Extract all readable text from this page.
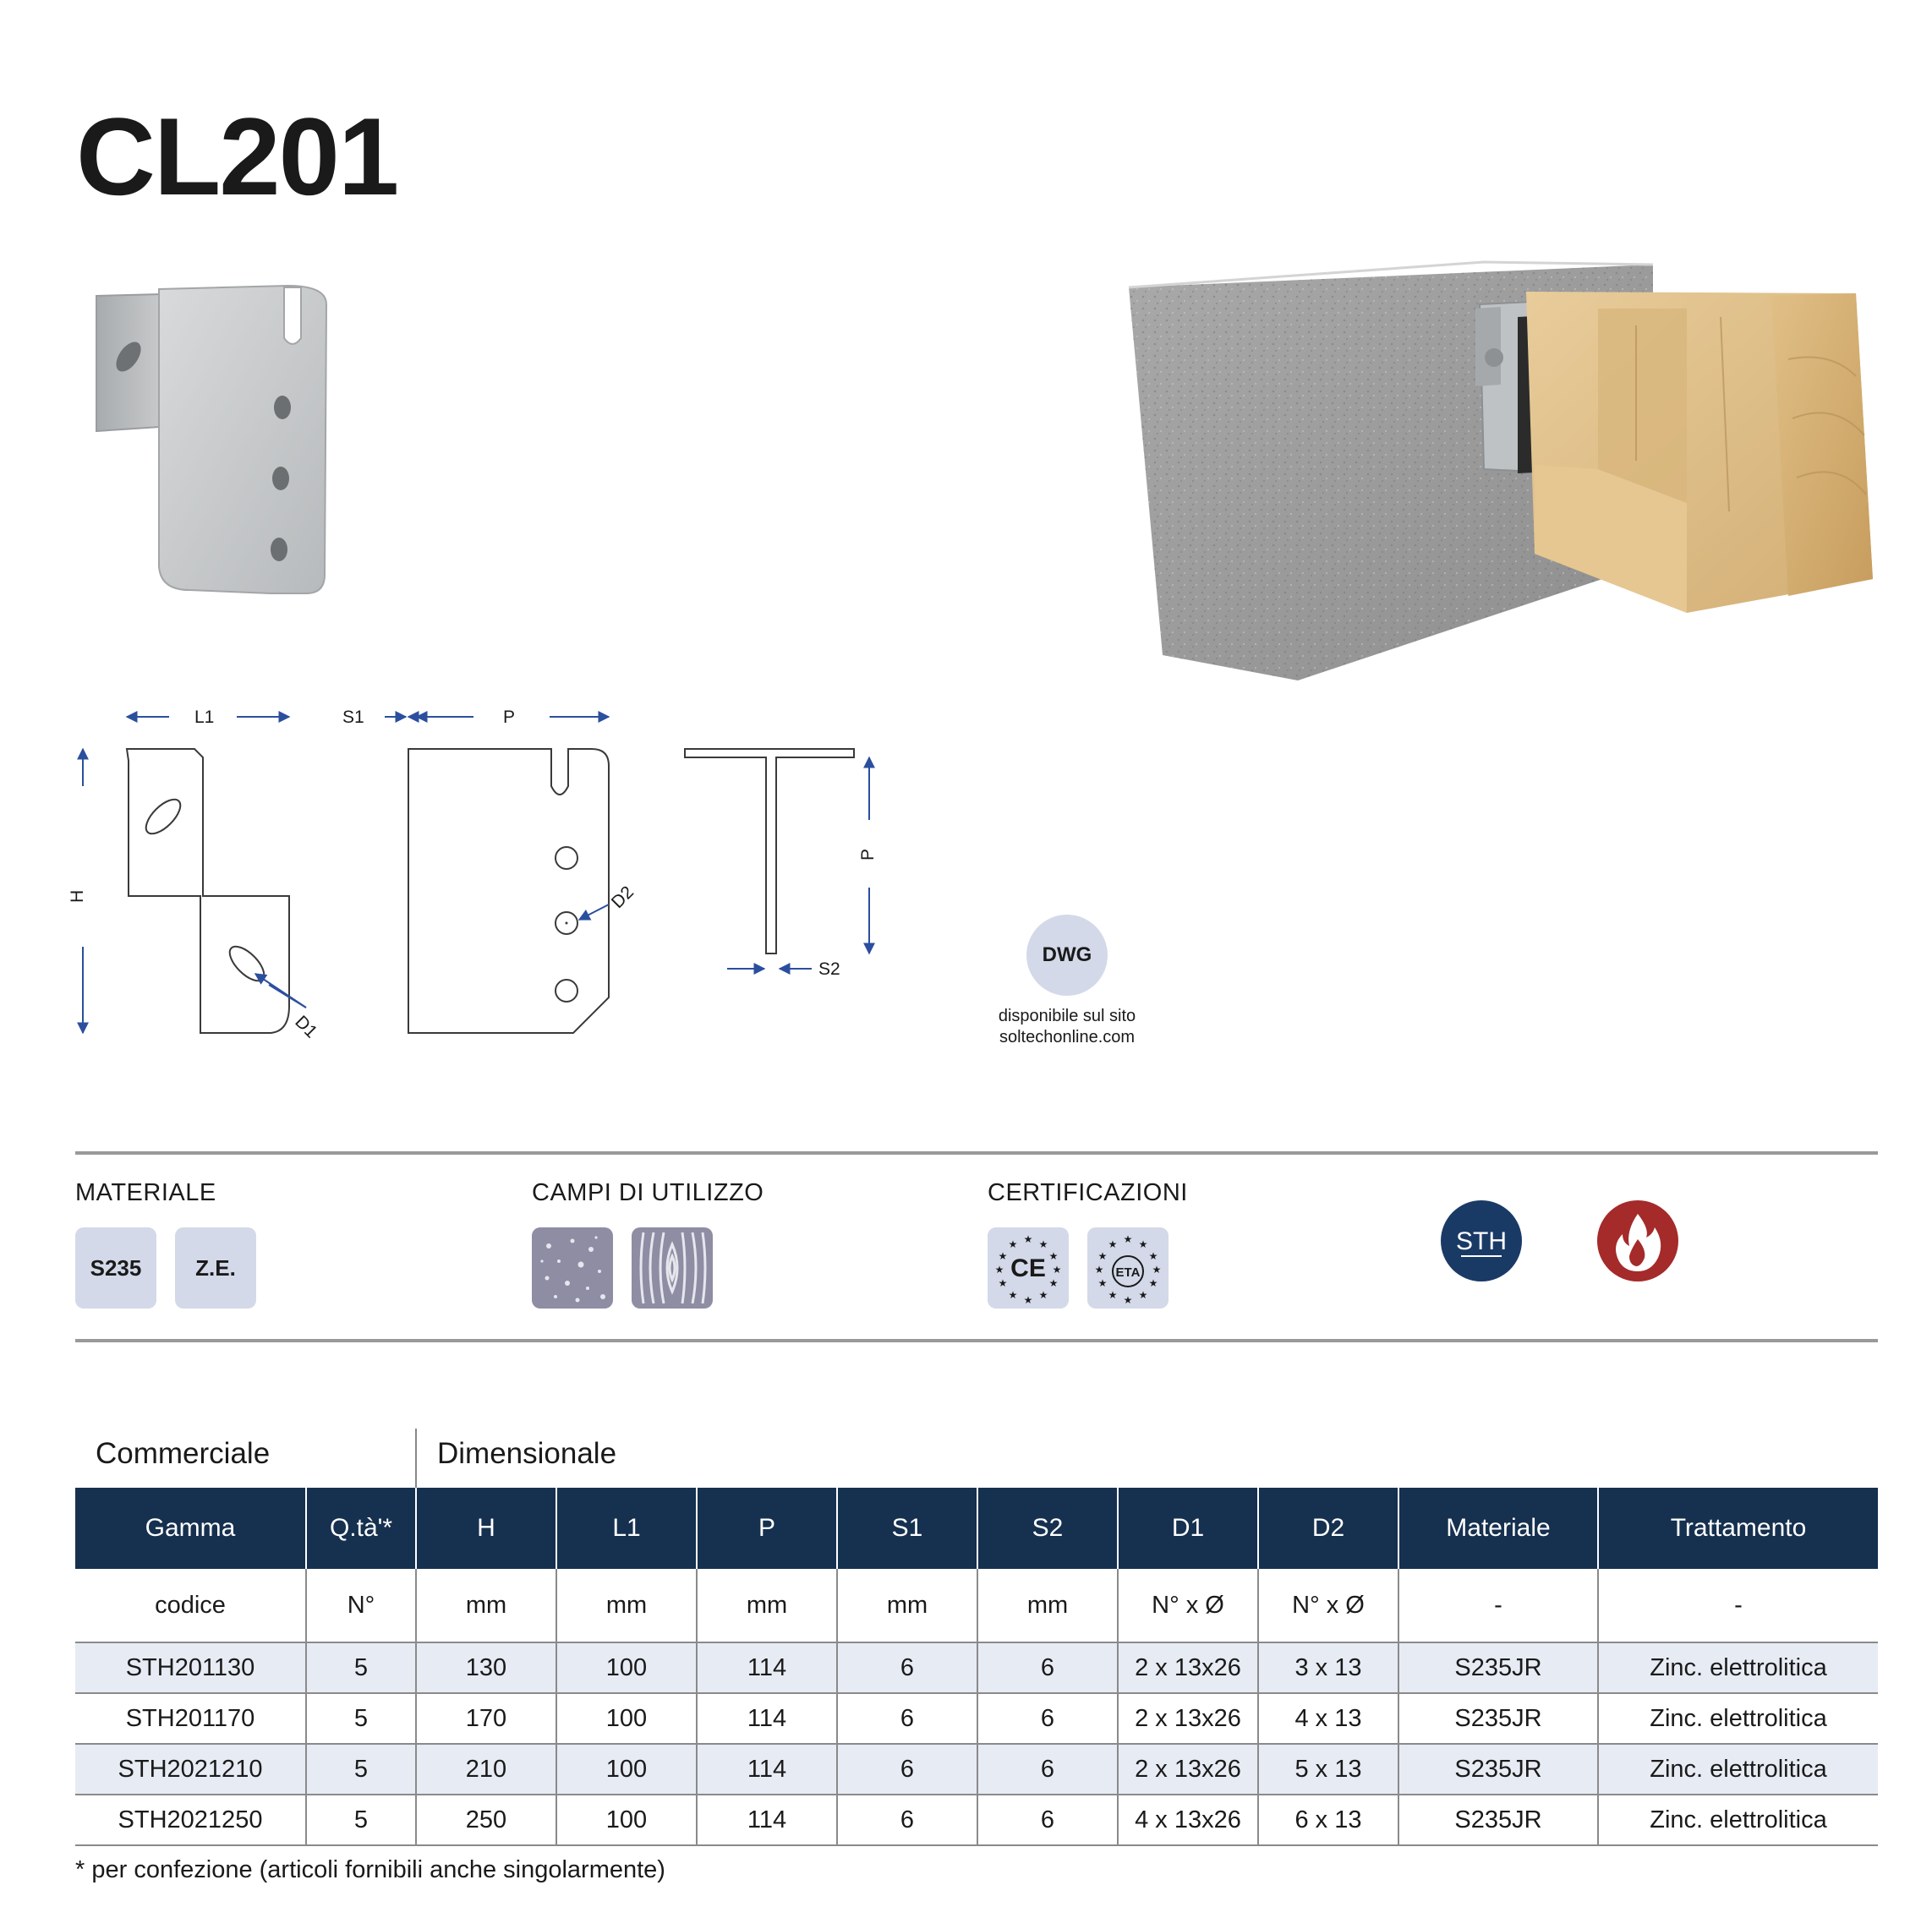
CL201
L1
H
D1
S1	P
D2
P
S2
DWG
disponibile sul sito
soltechonline.com
MATERIALE
S235	Z.E.
CAMPI DI UTILIZZO	CERTIFICAZIONI
CE
★ ★
★
★
★
★
★
★
★
★
★
★
ETA
★ ★
★
★
★
★
★
★
★
★
★
★	STH
Commerciale	Dimensionale
Gamma	Q.tà'*	H	L1	P	S1	S2	D1	D2	Materiale	Trattamento
codice	N°	mm	mm	mm	mm	mm	N° x Ø	N° x Ø	-	-
STH201130	5	130	100	114	6	6	2 x 13x26	3 x 13	S235JR	Zinc. elettrolitica
STH201170	5	170	100	114	6	6	2 x 13x26	4 x 13	S235JR	Zinc. elettrolitica
STH2021210	5	210	100	114	6	6	2 x 13x26	5 x 13	S235JR	Zinc. elettrolitica
STH2021250	5	250	100	114	6	6	4 x 13x26	6 x 13	S235JR	Zinc. elettrolitica
* per confezione (articoli fornibili anche singolarmente)
